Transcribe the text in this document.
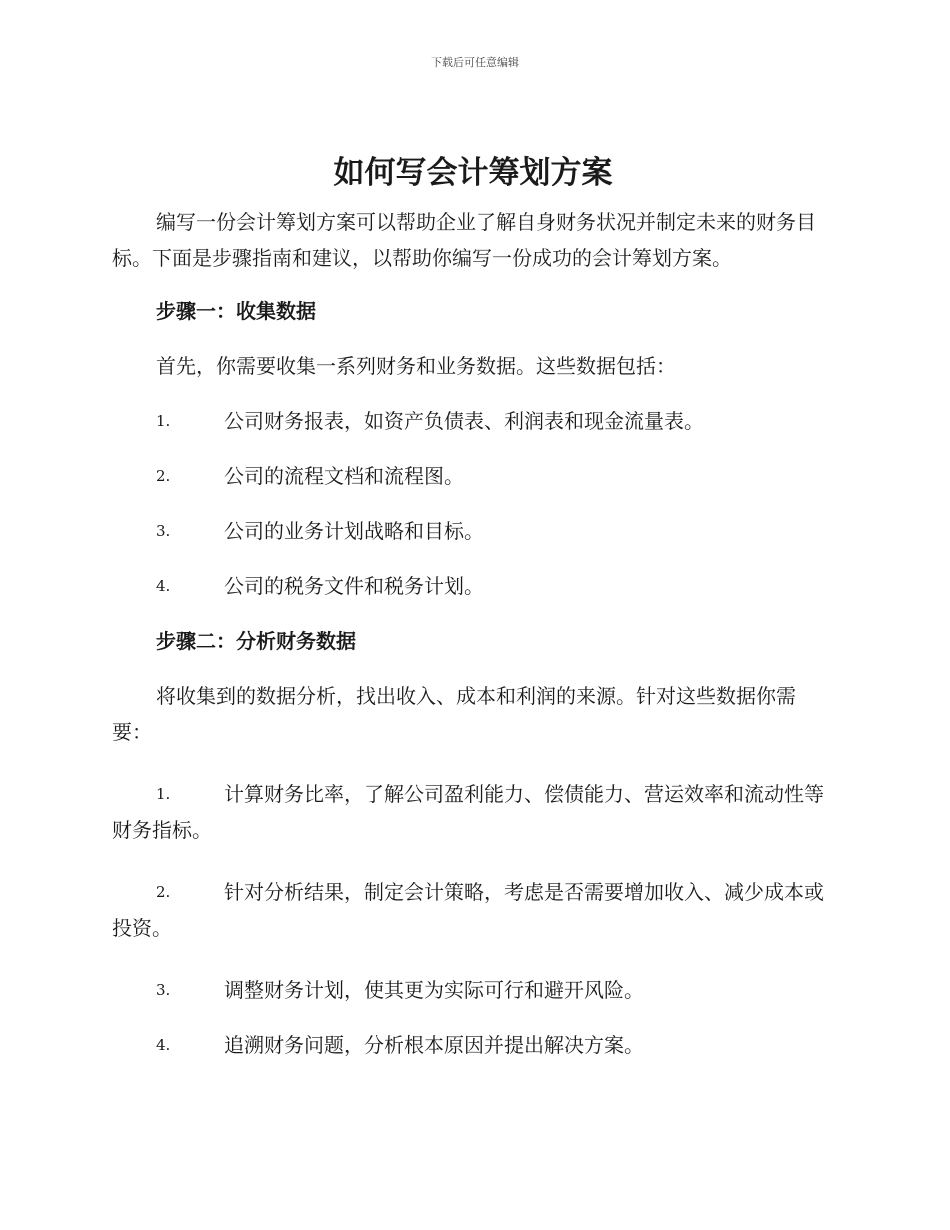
下载后可任意编辑
如何写会计筹划方案

编写一份会计筹划方案可以帮助企业了解自身财务状况并制定未来的财务目标。下面是步骤指南和建议，以帮助你编写一份成功的会计筹划方案。

步骤一：收集数据

首先，你需要收集一系列财务和业务数据。这些数据包括：

1.	公司财务报表，如资产负债表、利润表和现金流量表。
2.	公司的流程文档和流程图。
3.	公司的业务计划战略和目标。
4.	公司的税务文件和税务计划。
步骤二：分析财务数据

将收集到的数据分析，找出收入、成本和利润的来源。针对这些数据你需要：

1.	计算财务比率，了解公司盈利能力、偿债能力、营运效率和流动性等财务指标。
2.	针对分析结果，制定会计策略，考虑是否需要增加收入、减少成本或投资。
3.	调整财务计划，使其更为实际可行和避开风险。
4.	追溯财务问题，分析根本原因并提出解决方案。
